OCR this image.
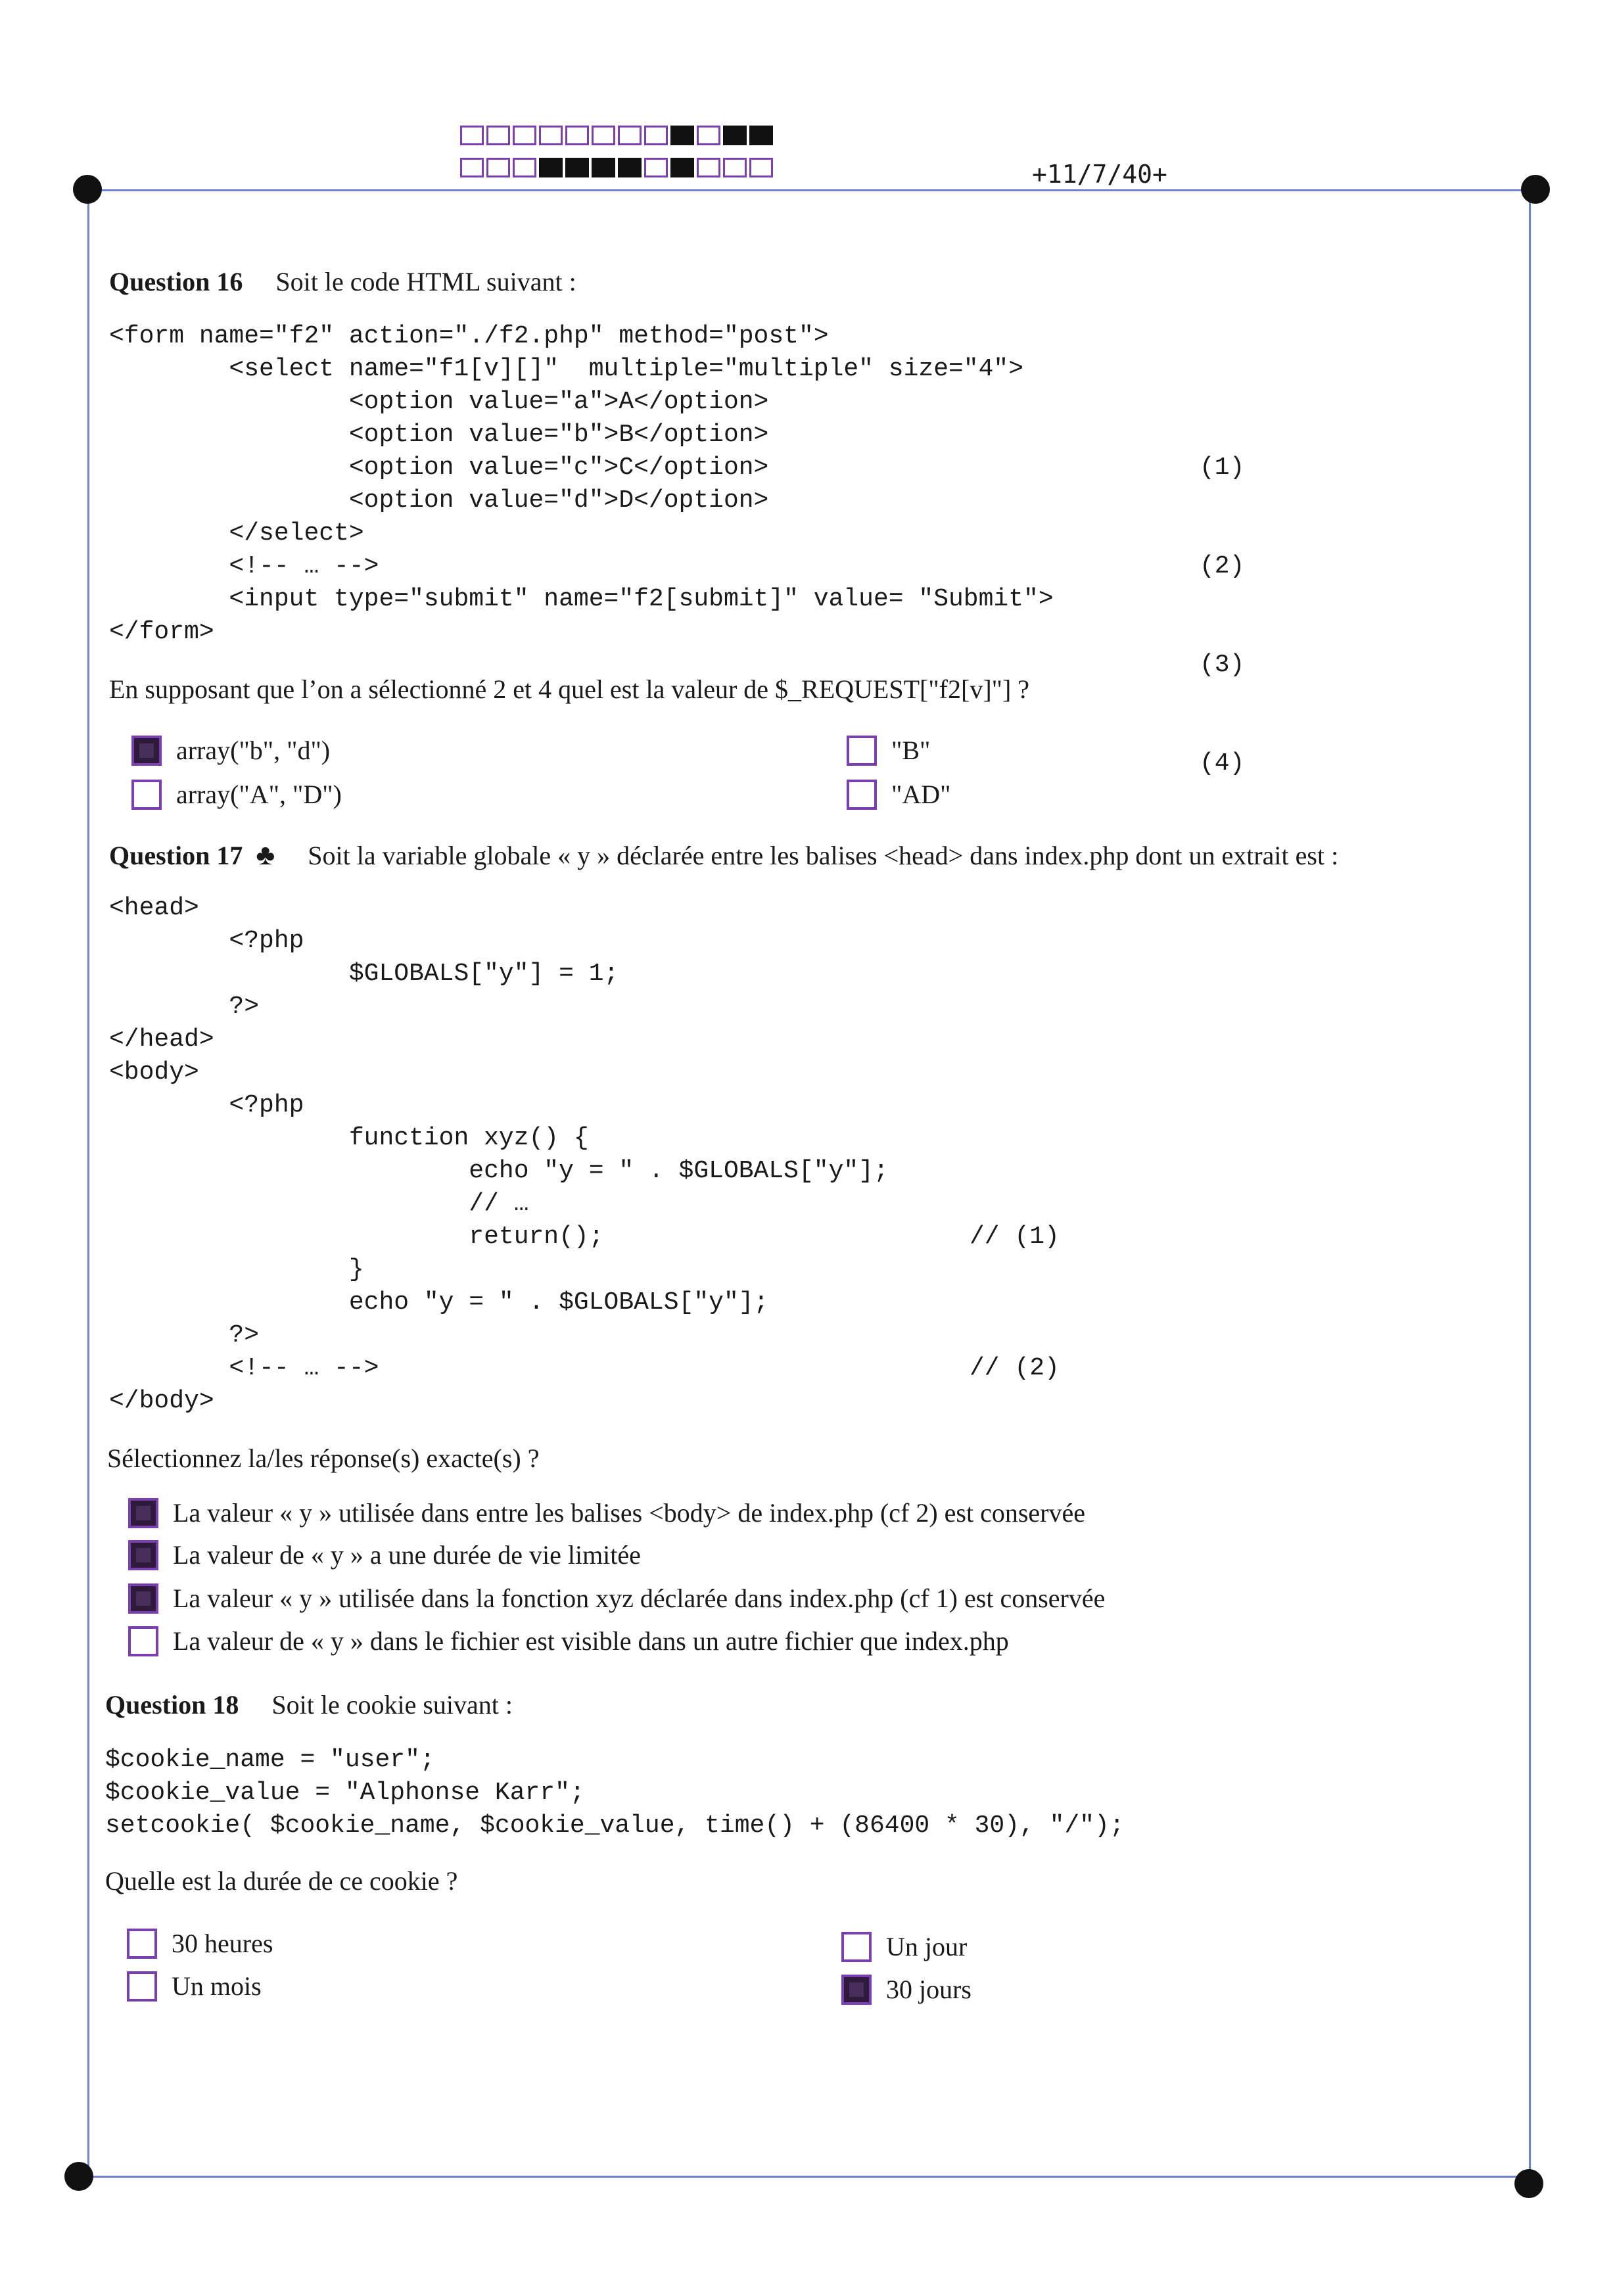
+11/7/40+
Question 16 Soit le code HTML suivant :
<form name="f2" action="./f2.php" method="post">
<select name="f1[v][]"  multiple="multiple" size="4">
<option value="a">A</option>
<option value="b">B</option>
<option value="c">C</option>
<option value="d">D</option>
</select>
<!-- … -->
<input type="submit" name="f2[submit]" value= "Submit">
</form>

(1)

(2)

(3)

(4)

En supposant que l’on a sélectionné 2 et 4 quel est la valeur de $_REQUEST["f2[v]"] ?
array("b", "d")	"B"
array("A", "D")	"AD"
Question 17 ♣ Soit la variable globale « y » déclarée entre les balises <head> dans index.php dont un extrait est :
<head>
<?php
$GLOBALS["y"] = 1;
?>
</head>
<body>
<?php
function xyz() {
echo "y = " . $GLOBALS["y"];
// …
return();
}
echo "y = " . $GLOBALS["y"];
?>
<!-- … -->
</body>

// (1)

// (2)

Sélectionnez la/les réponse(s) exacte(s) ?
La valeur « y » utilisée dans entre les balises <body> de index.php (cf 2) est conservée
La valeur de « y » a une durée de vie limitée
La valeur « y » utilisée dans la fonction xyz déclarée dans index.php (cf 1) est conservée
La valeur de « y » dans le fichier est visible dans un autre fichier que index.php
Question 18 Soit le cookie suivant :
$cookie_name = "user";
$cookie_value = "Alphonse Karr";
setcookie( $cookie_name, $cookie_value, time() + (86400 * 30), "/");
Quelle est la durée de ce cookie ?
30 heures	Un jour
Un mois	30 jours
